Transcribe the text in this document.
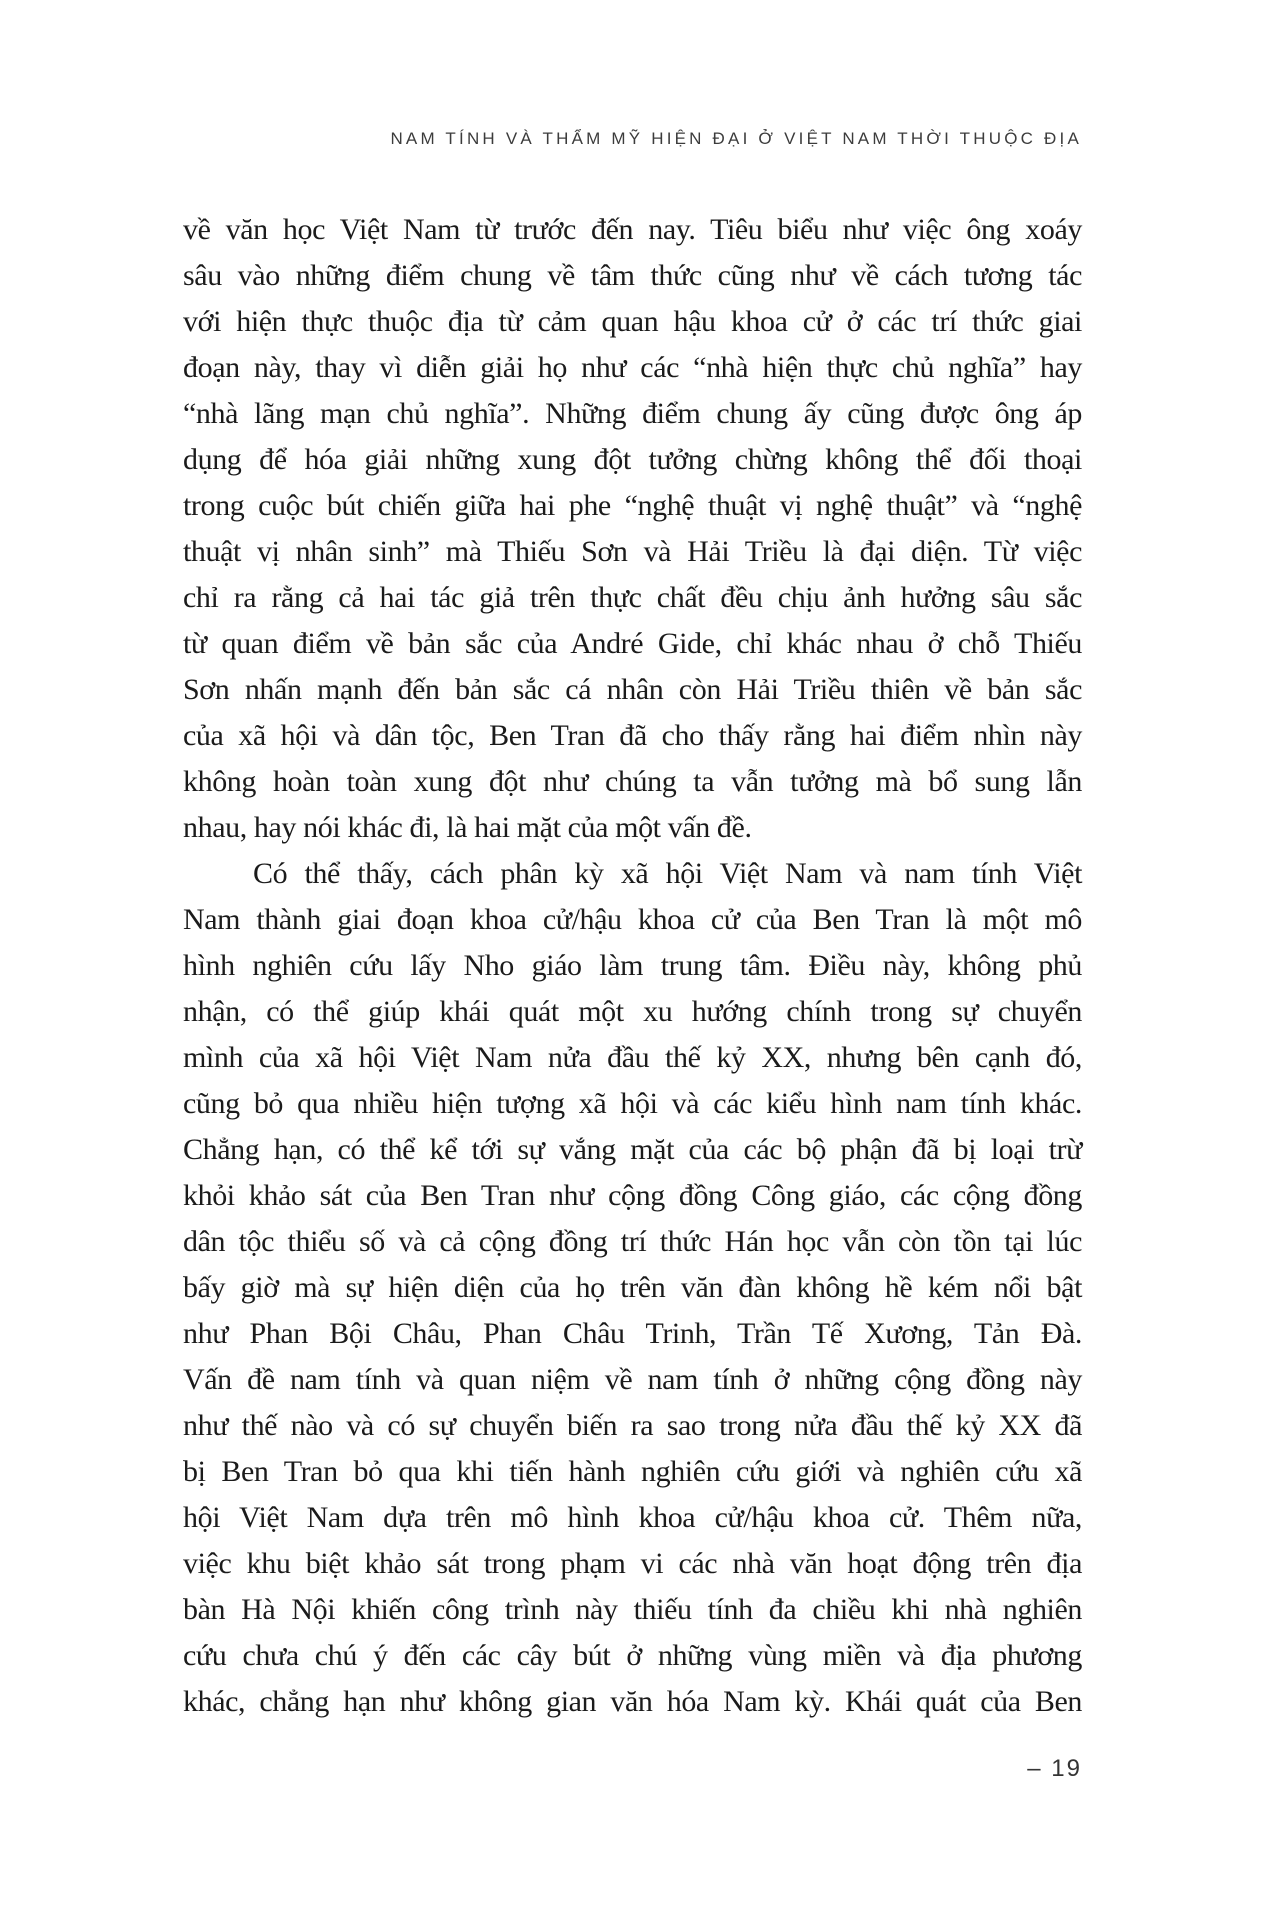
NAM TÍNH VÀ THẨM MỸ HIỆN ĐẠI Ở VIỆT NAM THỜI THUỘC ĐỊA
về văn học Việt Nam từ trước đến nay. Tiêu biểu như việc ông xoáy
sâu vào những điểm chung về tâm thức cũng như về cách tương tác
với hiện thực thuộc địa từ cảm quan hậu khoa cử ở các trí thức giai
đoạn này, thay vì diễn giải họ như các “nhà hiện thực chủ nghĩa” hay
“nhà lãng mạn chủ nghĩa”. Những điểm chung ấy cũng được ông áp
dụng để hóa giải những xung đột tưởng chừng không thể đối thoại
trong cuộc bút chiến giữa hai phe “nghệ thuật vị nghệ thuật” và “nghệ
thuật vị nhân sinh” mà Thiếu Sơn và Hải Triều là đại diện. Từ việc
chỉ ra rằng cả hai tác giả trên thực chất đều chịu ảnh hưởng sâu sắc
từ quan điểm về bản sắc của André Gide, chỉ khác nhau ở chỗ Thiếu
Sơn nhấn mạnh đến bản sắc cá nhân còn Hải Triều thiên về bản sắc
của xã hội và dân tộc, Ben Tran đã cho thấy rằng hai điểm nhìn này
không hoàn toàn xung đột như chúng ta vẫn tưởng mà bổ sung lẫn
nhau, hay nói khác đi, là hai mặt của một vấn đề.
Có thể thấy, cách phân kỳ xã hội Việt Nam và nam tính Việt
Nam thành giai đoạn khoa cử/hậu khoa cử của Ben Tran là một mô
hình nghiên cứu lấy Nho giáo làm trung tâm. Điều này, không phủ
nhận, có thể giúp khái quát một xu hướng chính trong sự chuyển
mình của xã hội Việt Nam nửa đầu thế kỷ XX, nhưng bên cạnh đó,
cũng bỏ qua nhiều hiện tượng xã hội và các kiểu hình nam tính khác.
Chẳng hạn, có thể kể tới sự vắng mặt của các bộ phận đã bị loại trừ
khỏi khảo sát của Ben Tran như cộng đồng Công giáo, các cộng đồng
dân tộc thiểu số và cả cộng đồng trí thức Hán học vẫn còn tồn tại lúc
bấy giờ mà sự hiện diện của họ trên văn đàn không hề kém nổi bật
như Phan Bội Châu, Phan Châu Trinh, Trần Tế Xương, Tản Đà.
Vấn đề nam tính và quan niệm về nam tính ở những cộng đồng này
như thế nào và có sự chuyển biến ra sao trong nửa đầu thế kỷ XX đã
bị Ben Tran bỏ qua khi tiến hành nghiên cứu giới và nghiên cứu xã
hội Việt Nam dựa trên mô hình khoa cử/hậu khoa cử. Thêm nữa,
việc khu biệt khảo sát trong phạm vi các nhà văn hoạt động trên địa
bàn Hà Nội khiến công trình này thiếu tính đa chiều khi nhà nghiên
cứu chưa chú ý đến các cây bút ở những vùng miền và địa phương
khác, chẳng hạn như không gian văn hóa Nam kỳ. Khái quát của Ben
– 19
